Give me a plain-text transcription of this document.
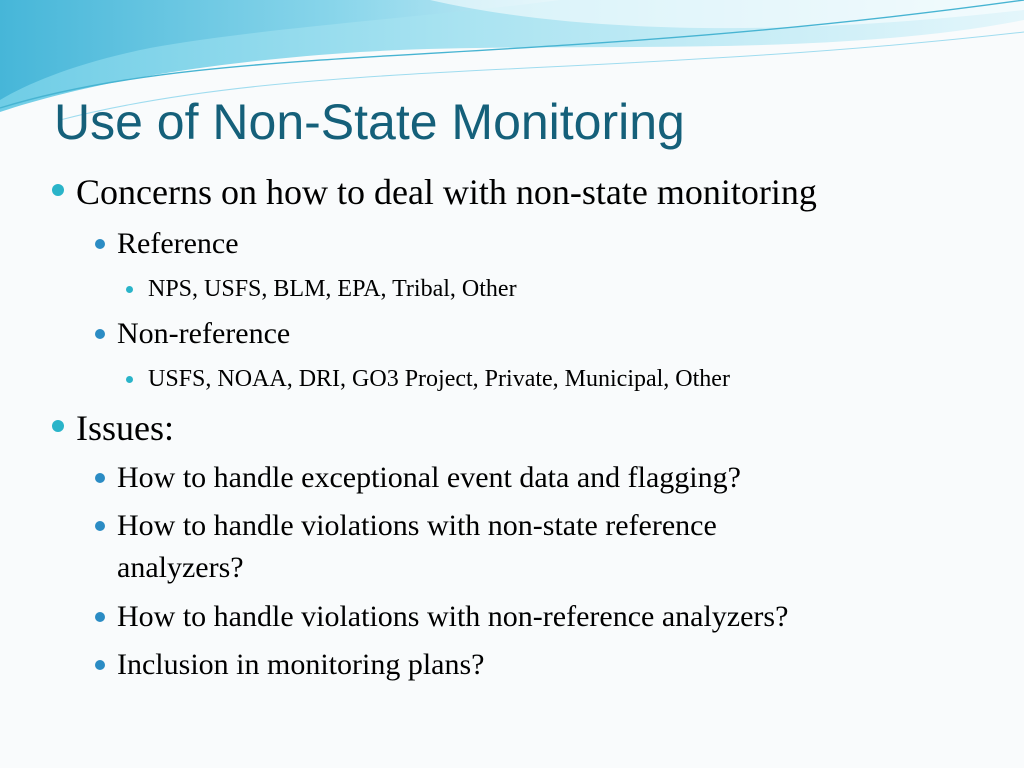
Use of Non-State Monitoring
Concerns on how to deal with non-state monitoring
Reference
NPS, USFS, BLM, EPA, Tribal, Other
Non-reference
USFS, NOAA, DRI, GO3 Project, Private, Municipal, Other
Issues:
How to handle exceptional event data and flagging?
How to handle violations with non-state reference
analyzers?
How to handle violations with non-reference analyzers?
Inclusion in monitoring plans?
